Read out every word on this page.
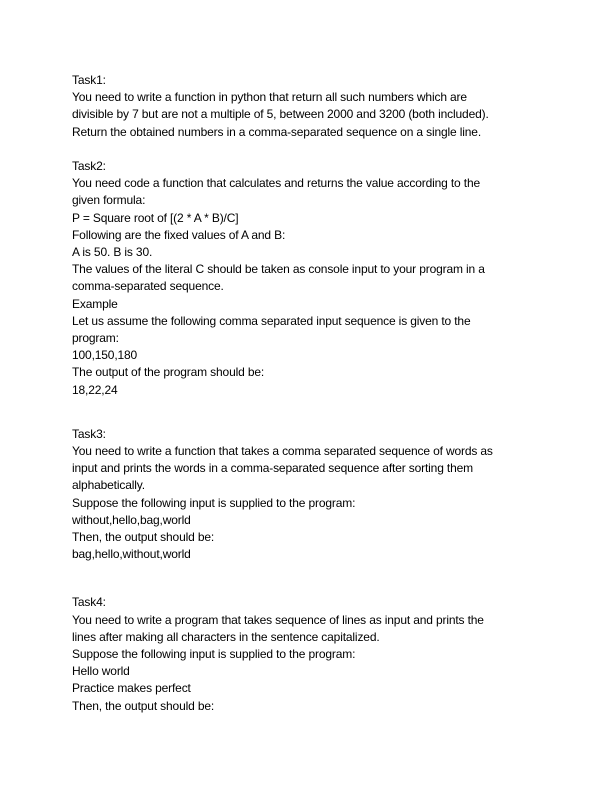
Task1:
You need to write a function in python that return all such numbers which are
divisible by 7 but are not a multiple of 5, between 2000 and 3200 (both included).
Return the obtained numbers in a comma-separated sequence on a single line.
Task2:
You need code a function that calculates and returns the value according to the
given formula:
P = Square root of [(2 * A * B)/C]
Following are the fixed values of A and B:
A is 50. B is 30.
The values of the literal C should be taken as console input to your program in a
comma-separated sequence.
Example
Let us assume the following comma separated input sequence is given to the
program:
100,150,180
The output of the program should be:
18,22,24
Task3:
You need to write a function that takes a comma separated sequence of words as
input and prints the words in a comma-separated sequence after sorting them
alphabetically.
Suppose the following input is supplied to the program:
without,hello,bag,world
Then, the output should be:
bag,hello,without,world
Task4:
You need to write a program that takes sequence of lines as input and prints the
lines after making all characters in the sentence capitalized.
Suppose the following input is supplied to the program:
Hello world
Practice makes perfect
Then, the output should be:
